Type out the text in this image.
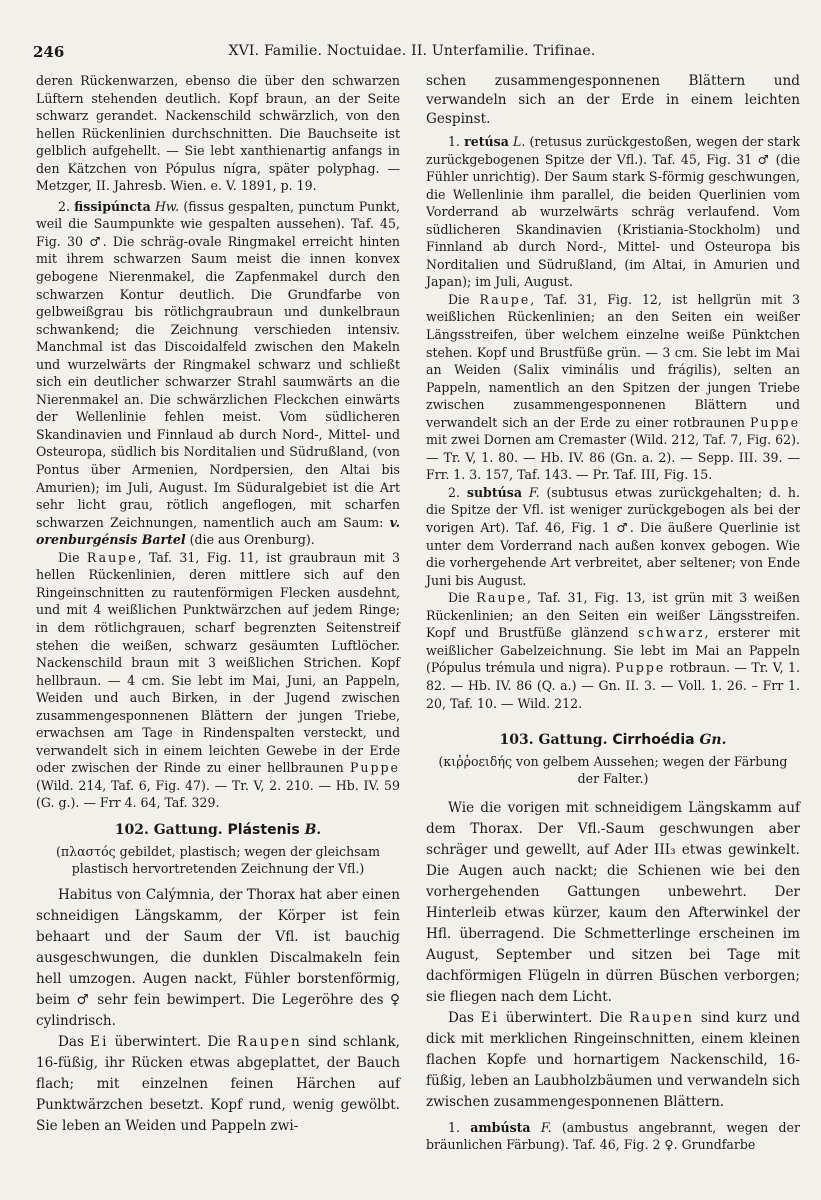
246	XVI. Familie. Noctuidae. II. Unterfamilie. Trifinae.

deren Rückenwarzen, ebenso die über den schwarzen Lüftern stehenden deutlich. Kopf braun, an der Seite schwarz gerandet. Nackenschild schwärzlich, von den hellen Rückenlinien durchschnitten. Die Bauchseite ist gelblich aufgehellt. — Sie lebt xanthienartig anfangs in den Kätzchen von Pópulus nígra, später polyphag. — Metzger, II. Jahresb. Wien. e. V. 1891, p. 19.

2. fissipúncta Hw. (fissus gespalten, punctum Punkt, weil die Saumpunkte wie gespalten aussehen). Taf. 45, Fig. 30 ♂. Die schräg-ovale Ringmakel erreicht hinten mit ihrem schwarzen Saum meist die innen konvex gebogene Nierenmakel, die Zapfenmakel durch den schwarzen Kontur deutlich. Die Grundfarbe von gelbweißgrau bis rötlichgraubraun und dunkelbraun schwankend; die Zeichnung verschieden intensiv. Manchmal ist das Discoidalfeld zwischen den Makeln und wurzelwärts der Ringmakel schwarz und schließt sich ein deutlicher schwarzer Strahl saumwärts an die Nierenmakel an. Die schwärzlichen Fleckchen einwärts der Wellenlinie fehlen meist. Vom südlicheren Skandinavien und Finnlaud ab durch Nord-, Mittel- und Osteuropa, südlich bis Norditalien und Südrußland, (von Pontus über Armenien, Nordpersien, den Altai bis Amurien); im Juli, August. Im Süduralgebiet ist die Art sehr licht grau, rötlich angeflogen, mit scharfen schwarzen Zeichnungen, namentlich auch am Saum: v. orenburgénsis Bartel (die aus Orenburg).

Die Raupe, Taf. 31, Fig. 11, ist graubraun mit 3 hellen Rückenlinien, deren mittlere sich auf den Ringeinschnitten zu rautenförmigen Flecken ausdehnt, und mit 4 weißlichen Punktwärzchen auf jedem Ringe; in dem rötlichgrauen, scharf begrenzten Seitenstreif stehen die weißen, schwarz gesäumten Luftlöcher. Nackenschild braun mit 3 weißlichen Strichen. Kopf hellbraun. — 4 cm. Sie lebt im Mai, Juni, an Pappeln, Weiden und auch Birken, in der Jugend zwischen zusammengesponnenen Blättern der jungen Triebe, erwachsen am Tage in Rindenspalten versteckt, und verwandelt sich in einem leichten Gewebe in der Erde oder zwischen der Rinde zu einer hellbraunen Puppe (Wild. 214, Taf. 6, Fig. 47). — Tr. V, 2. 210. — Hb. IV. 59 (G. g.). — Frr 4. 64, Taf. 329.

102. Gattung. Plástenis B.

(πλαστός gebildet, plastisch; wegen der gleichsam plastisch hervortretenden Zeichnung der Vfl.)

Habitus von Calýmnia, der Thorax hat aber einen schneidigen Längskamm, der Körper ist fein behaart und der Saum der Vfl. ist bauchig ausgeschwungen, die dunklen Discalmakeln fein hell umzogen. Augen nackt, Fühler borstenförmig, beim ♂ sehr fein bewimpert. Die Legeröhre des ♀ cylindrisch.

Das Ei überwintert. Die Raupen sind schlank, 16-füßig, ihr Rücken etwas abgeplattet, der Bauch flach; mit einzelnen feinen Härchen auf Punktwärzchen besetzt. Kopf rund, wenig gewölbt. Sie leben an Weiden und Pappeln zwi-

schen zusammengesponnenen Blättern und verwandeln sich an der Erde in einem leichten Gespinst.

1. retúsa L. (retusus zurückgestoßen, wegen der stark zurückgebogenen Spitze der Vfl.). Taf. 45, Fig. 31 ♂ (die Fühler unrichtig). Der Saum stark S-förmig geschwungen, die Wellenlinie ihm parallel, die beiden Querlinien vom Vorderrand ab wurzelwärts schräg verlaufend. Vom südlicheren Skandinavien (Kristiania-Stockholm) und Finnland ab durch Nord-, Mittel- und Osteuropa bis Norditalien und Südrußland, (im Altai, in Amurien und Japan); im Juli, August.

Die Raupe, Taf. 31, Fig. 12, ist hellgrün mit 3 weißlichen Rückenlinien; an den Seiten ein weißer Längsstreifen, über welchem einzelne weiße Pünktchen stehen. Kopf und Brustfüße grün. — 3 cm. Sie lebt im Mai an Weiden (Salix viminális und frágilis), selten an Pappeln, namentlich an den Spitzen der jungen Triebe zwischen zusammengesponnenen Blättern und verwandelt sich an der Erde zu einer rotbraunen Puppe mit zwei Dornen am Cremaster (Wild. 212, Taf. 7, Fig. 62). — Tr. V, 1. 80. — Hb. IV. 86 (Gn. a. 2). — Sepp. III. 39. — Frr. 1. 3. 157, Taf. 143. — Pr. Taf. III, Fig. 15.

2. subtúsa F. (subtusus etwas zurückgehalten; d. h. die Spitze der Vfl. ist weniger zurückgebogen als bei der vorigen Art). Taf. 46, Fig. 1 ♂. Die äußere Querlinie ist unter dem Vorderrand nach außen konvex gebogen. Wie die vorhergehende Art verbreitet, aber seltener; von Ende Juni bis August.

Die Raupe, Taf. 31, Fig. 13, ist grün mit 3 weißen Rückenlinien; an den Seiten ein weißer Längsstreifen. Kopf und Brustfüße glänzend schwarz, ersterer mit weißlicher Gabelzeichnung. Sie lebt im Mai an Pappeln (Pópulus trémula und nigra). Puppe rotbraun. — Tr. V, 1. 82. — Hb. IV. 86 (Q. a.) — Gn. II. 3. — Voll. 1. 26. – Frr 1. 20, Taf. 10. — Wild. 212.

103. Gattung. Cirrhoédia Gn.

(κιῤῥοειδής von gelbem Aussehen; wegen der Färbung der Falter.)

Wie die vorigen mit schneidigem Längskamm auf dem Thorax. Der Vfl.-Saum geschwungen aber schräger und gewellt, auf Ader III₃ etwas gewinkelt. Die Augen auch nackt; die Schienen wie bei den vorhergehenden Gattungen unbewehrt. Der Hinterleib etwas kürzer, kaum den Afterwinkel der Hfl. überragend. Die Schmetterlinge erscheinen im August, September und sitzen bei Tage mit dachförmigen Flügeln in dürren Büschen verborgen; sie fliegen nach dem Licht.

Das Ei überwintert. Die Raupen sind kurz und dick mit merklichen Ringeinschnitten, einem kleinen flachen Kopfe und hornartigem Nackenschild, 16-füßig, leben an Laubholzbäumen und verwandeln sich zwischen zusammengesponnenen Blättern.

1. ambústa F. (ambustus angebrannt, wegen der bräunlichen Färbung). Taf. 46, Fig. 2 ♀. Grundfarbe
